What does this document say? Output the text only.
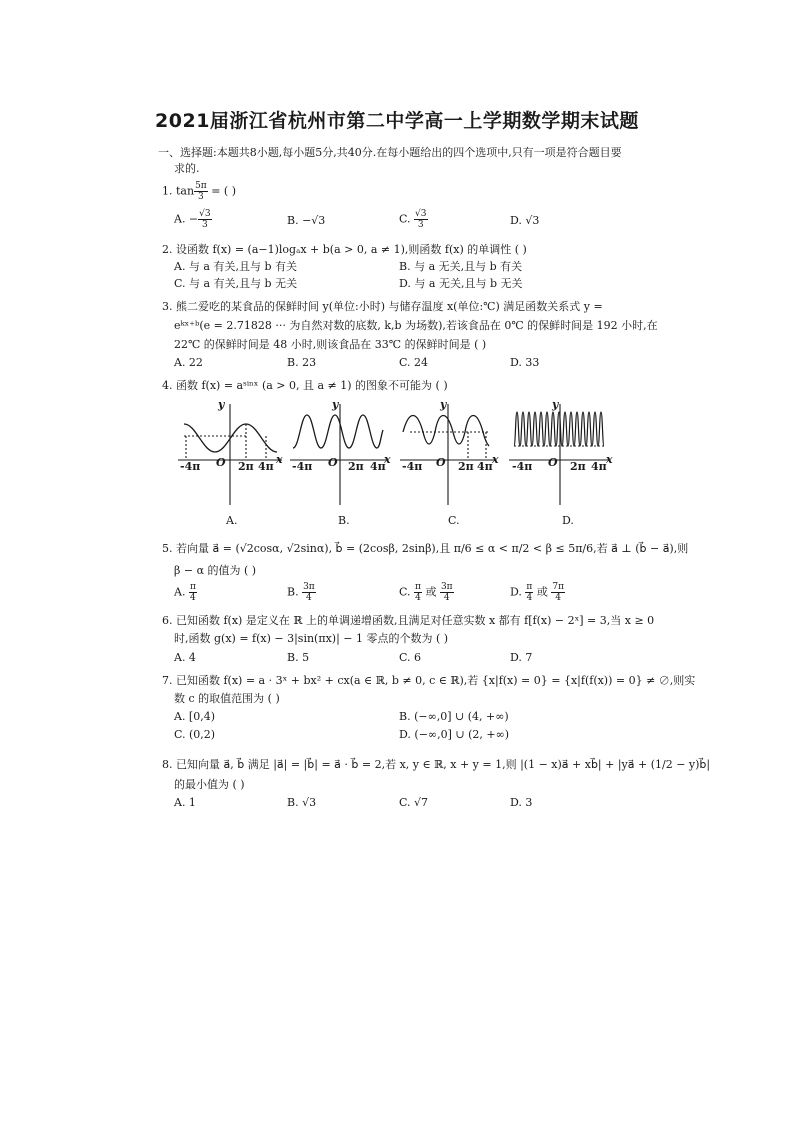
2021届浙江省杭州市第二中学高一上学期数学期末试题
一、选择题:本题共8小题,每小题5分,共40分.在每小题给出的四个选项中,只有一项是符合题目要
求的.
1. $\tan \frac{5\pi}{3}$ = ( )
A. − $\frac{√3}{3}$	B. −√3	C. $\frac{√3}{3}$	D. √3
2. 设函数 f(x) = (a−1)logₐx + b(a > 0, a ≠ 1),则函数 f(x) 的单调性 ( )
A. 与 a 有关,且与 b 有关	B. 与 a 无关,且与 b 有关
C. 与 a 有关,且与 b 无关	D. 与 a 无关,且与 b 无关
3. 熊二爱吃的某食品的保鲜时间 y(单位:小时) 与储存温度 x(单位:℃) 满足函数关系式 y =
eᵏˣ⁺ᵇ(e = 2.71828 ··· 为自然对数的底数, k,b 为场数),若该食品在 0℃ 的保鲜时间是 192 小时,在
22℃ 的保鲜时间是 48 小时,则该食品在 33℃ 的保鲜时间是 ( )
A. 22	B. 23	C. 24	D. 33
4. 函数 f(x) = aˢⁱⁿˣ (a > 0, 且 a ≠ 1) 的图象不可能为 ( )
y
x
O
-4π	2π 4π
A.
y
x
O
-4π	2π 4π
B.
y
x
O
-4π	2π 4π
C.
y
x
O
-4π	2π 4π
D.
5. 若向量 a⃗ = (√2cosα, √2sinα), b⃗ = (2cosβ, 2sinβ),且 π/6 ≤ α < π/2 < β ≤ 5π/6,若 a⃗ ⊥ (b⃗ − a⃗),则
β − α 的值为 ( )
A. $\frac{\pi}{4}$	B. $\frac{3\pi}{4}$	C. $\frac{\pi}{4}$ 或 $\frac{3\pi}{4}$	D. $\frac{\pi}{4}$ 或 $\frac{7\pi}{4}$
6. 已知函数 f(x) 是定义在 ℝ 上的单调递增函数,且满足对任意实数 x 都有 f[f(x) − 2ˣ] = 3,当 x ≥ 0
时,函数 g(x) = f(x) − 3|sin(πx)| − 1 零点的个数为 ( )
A. 4	B. 5	C. 6	D. 7
7. 已知函数 f(x) = a · 3ˣ + bx² + cx(a ∈ ℝ, b ≠ 0, c ∈ ℝ),若 {x|f(x) = 0} = {x|f(f(x)) = 0} ≠ ∅,则实
数 c 的取值范围为 ( )
A. [0,4)	B. (−∞,0] ∪ (4, +∞)
C. (0,2)	D. (−∞,0] ∪ (2, +∞)
8. 已知向量 a⃗, b⃗ 满足 |a⃗| = |b⃗| = a⃗ · b⃗ = 2,若 x, y ∈ ℝ, x + y = 1,则 |(1 − x)a⃗ + xb⃗| + |ya⃗ + (1/2 − y)b⃗|
的最小值为 ( )
A. 1	B. √3	C. √7	D. 3
